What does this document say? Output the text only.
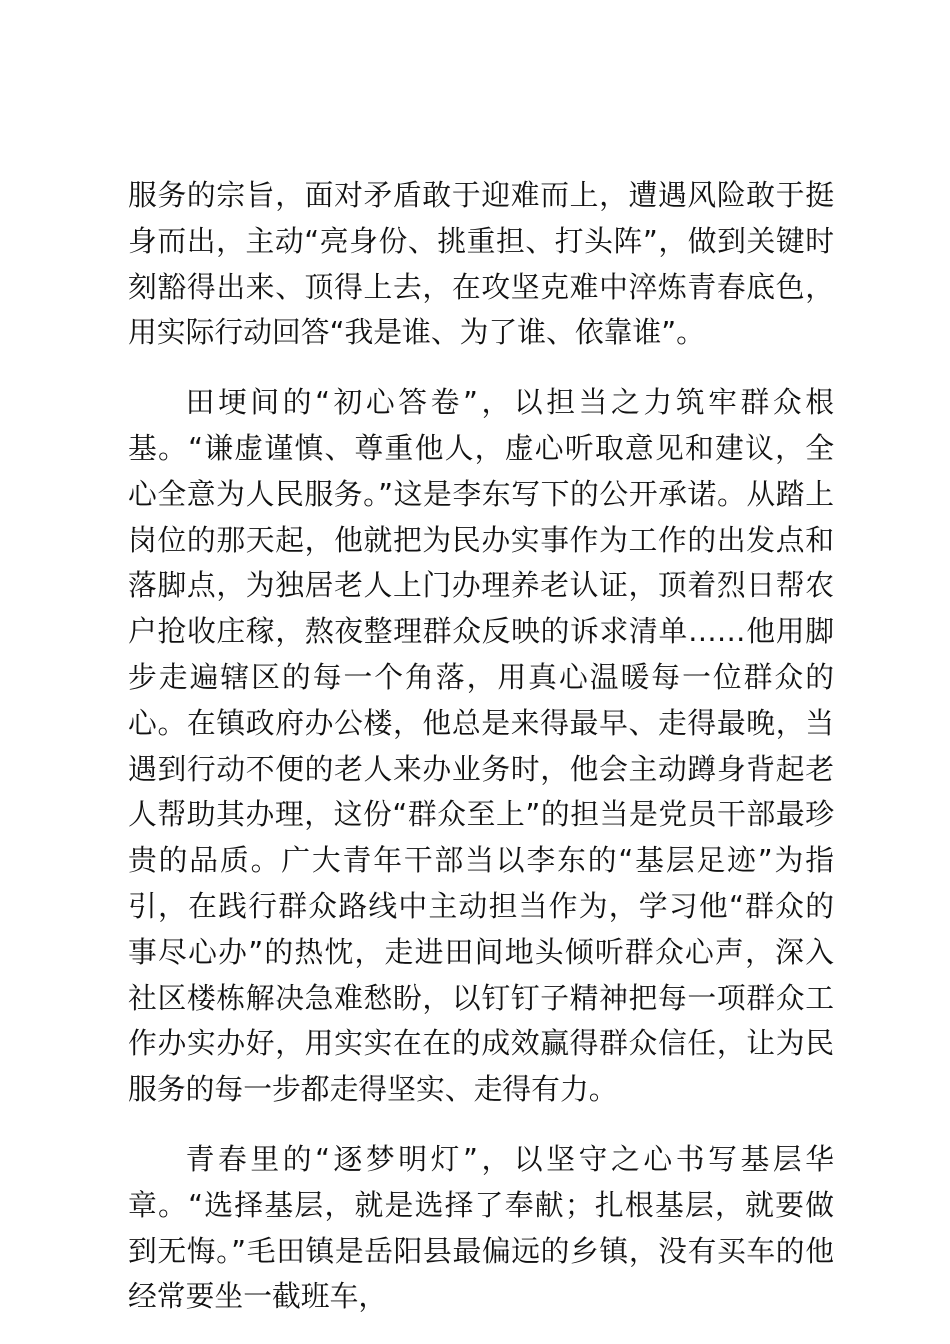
服务的宗旨，面对矛盾敢于迎难而上，遭遇风险敢于挺身而出，主动“亮身份、挑重担、打头阵”，做到关键时刻豁得出来、顶得上去，在攻坚克难中淬炼青春底色，用实际行动回答“我是谁、为了谁、依靠谁”。

田埂间的“初心答卷”，以担当之力筑牢群众根基。“谦虚谨慎、尊重他人，虚心听取意见和建议，全心全意为人民服务。”这是李东写下的公开承诺。从踏上岗位的那天起，他就把为民办实事作为工作的出发点和落脚点，为独居老人上门办理养老认证，顶着烈日帮农户抢收庄稼，熬夜整理群众反映的诉求清单……他用脚步走遍辖区的每一个角落，用真心温暖每一位群众的心。在镇政府办公楼，他总是来得最早、走得最晚，当遇到行动不便的老人来办业务时，他会主动蹲身背起老人帮助其办理，这份“群众至上”的担当是党员干部最珍贵的品质。广大青年干部当以李东的“基层足迹”为指引，在践行群众路线中主动担当作为，学习他“群众的事尽心办”的热忱，走进田间地头倾听群众心声，深入社区楼栋解决急难愁盼，以钉钉子精神把每一项群众工作办实办好，用实实在在的成效赢得群众信任，让为民服务的每一步都走得坚实、走得有力。

青春里的“逐梦明灯”，以坚守之心书写基层华章。“选择基层，就是选择了奉献；扎根基层，就要做到无悔。”毛田镇是岳阳县最偏远的乡镇，没有买车的他经常要坐一截班车，
